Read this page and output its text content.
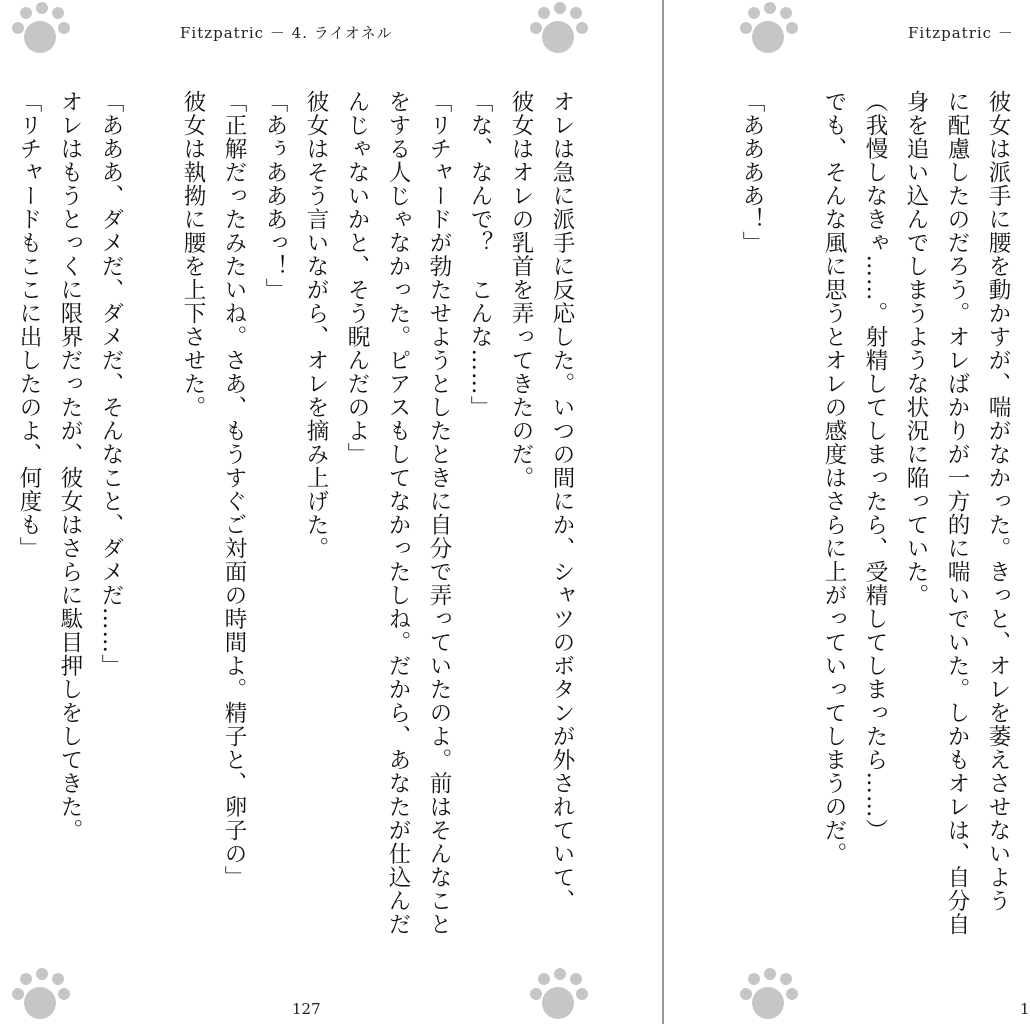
Fitzpatric － 4. ライオネル
オレは急に派手に反応した。いつの間にか、シャツのボタンが外されていて、
彼女はオレの乳首を弄ってきたのだ。
「な、なんで？　こんな……」
「リチャードが勃たせようとしたときに自分で弄っていたのよ。前はそんなこと
をする人じゃなかった。ピアスもしてなかったしね。だから、あなたが仕込んだ
んじゃないかと、そう睨んだのよ」
彼女はそう言いながら、オレを摘み上げた。
「あぅあああっ！」
「正解だったみたいね。さあ、もうすぐご対面の時間よ。精子と、卵子の」
彼女は執拗に腰を上下させた。

「あああ、ダメだ、ダメだ、そんなこと、ダメだ……」
オレはもうとっくに限界だったが、彼女はさらに駄目押しをしてきた。
「リチャードもここに出したのよ、何度も」
127
Fitzpatric －
彼女は派手に腰を動かすが、喘がなかった。きっと、オレを萎えさせないよう
に配慮したのだろう。オレばかりが一方的に喘いでいた。しかもオレは、自分自
身を追い込んでしまうような状況に陥っていた。
（我慢しなきゃ……。射精してしまったら、受精してしまったら……）
でも、そんな風に思うとオレの感度はさらに上がっていってしまうのだ。

「ああああ！」
1
